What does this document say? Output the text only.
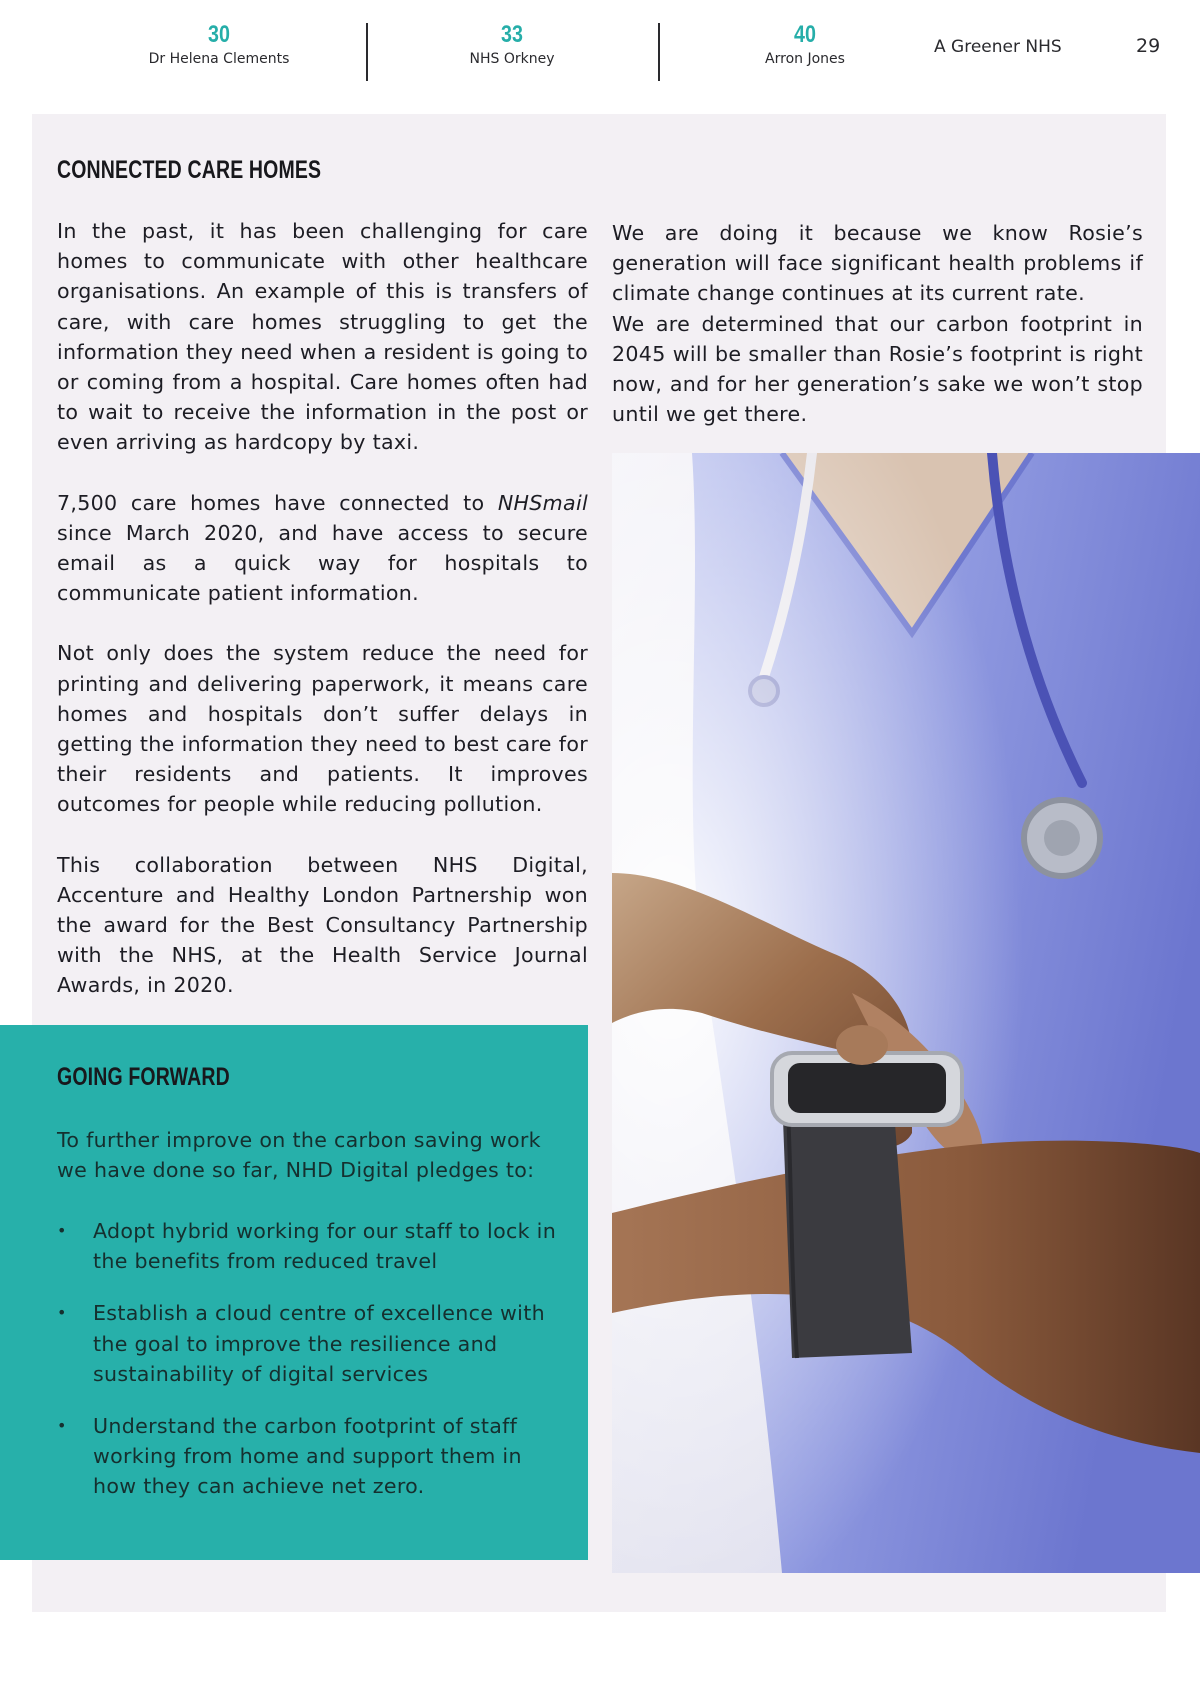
30
Dr Helena Clements
33
NHS Orkney
40
Arron Jones
A Greener NHS	29
CONNECTED CARE HOMES

In the past, it has been challenging for care homes to communicate with other healthcare organisations. An example of this is transfers of care, with care homes struggling to get the information they need when a resident is going to or coming from a hospital. Care homes often had to wait to receive the information in the post or even arriving as hardcopy by taxi.

7,500 care homes have connected to NHSmail since March 2020, and have access to secure email as a quick way for hospitals to communicate patient information.

Not only does the system reduce the need for printing and delivering paperwork, it means care homes and hospitals don’t suffer delays in getting the information they need to best care for their residents and patients. It improves outcomes for people while reducing pollution.

This collaboration between NHS Digital, Accenture and Healthy London Partnership won the award for the Best Consultancy Partnership with the NHS, at the Health Service Journal Awards, in 2020.

We are doing it because we know Rosie’s generation will face significant health problems if climate change continues at its current rate.

We are determined that our carbon footprint in 2045 will be smaller than Rosie’s footprint is right now, and for her generation’s sake we won’t stop until we get there.

GOING FORWARD

To further improve on the carbon saving work we have done so far, NHD Digital pledges to:

• Adopt hybrid working for our staff to lock in the benefits from reduced travel
• Establish a cloud centre of excellence with the goal to improve the resilience and sustainability of digital services
• Understand the carbon footprint of staff working from home and support them in how they can achieve net zero.
